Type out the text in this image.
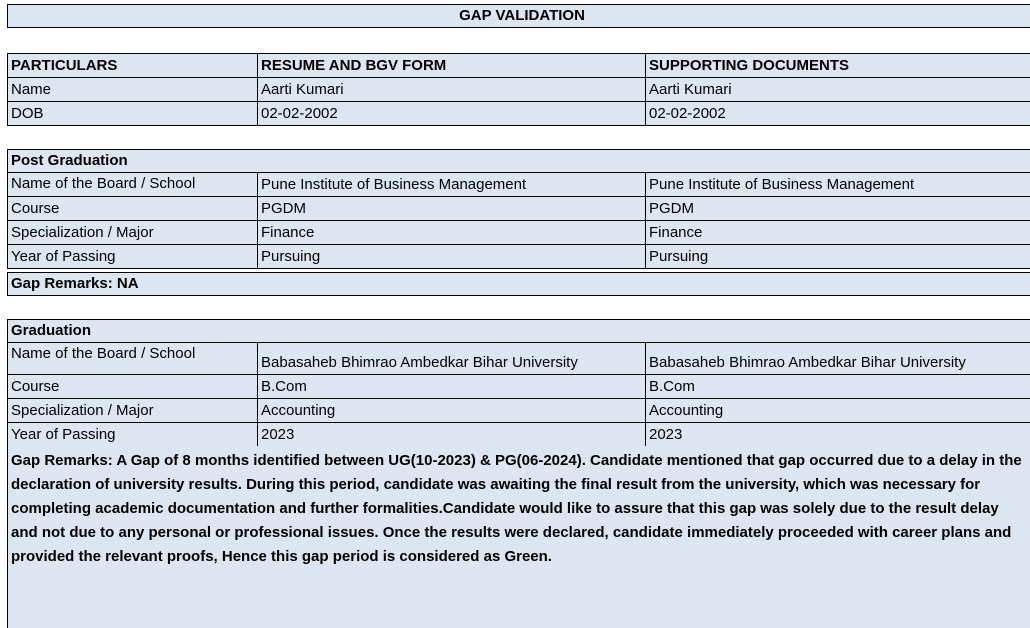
GAP VALIDATION
PARTICULARS	RESUME AND BGV FORM	SUPPORTING DOCUMENTS
Name	Aarti Kumari	Aarti Kumari
DOB	02-02-2002	02-02-2002
Post Graduation
Name of the Board / School	Pune Institute of Business Management	Pune Institute of Business Management
Course	PGDM	PGDM
Specialization / Major	Finance	Finance
Year of Passing	Pursuing	Pursuing
Gap Remarks: NA
Graduation
Name of the Board / School	Babasaheb Bhimrao Ambedkar Bihar University	Babasaheb Bhimrao Ambedkar Bihar University
Course	B.Com	B.Com
Specialization / Major	Accounting	Accounting
Year of Passing	2023	2023
Gap Remarks: A Gap of 8 months identified between UG(10-2023) & PG(06-2024). Candidate mentioned that gap occurred due to a delay in the declaration of university results. During this period, candidate was awaiting the final result from the university, which was necessary for completing academic documentation and further formalities.Candidate would like to assure that this gap was solely due to the result delay and not due to any personal or professional issues. Once the results were declared, candidate immediately proceeded with career plans and provided the relevant proofs, Hence this gap period is considered as Green.
